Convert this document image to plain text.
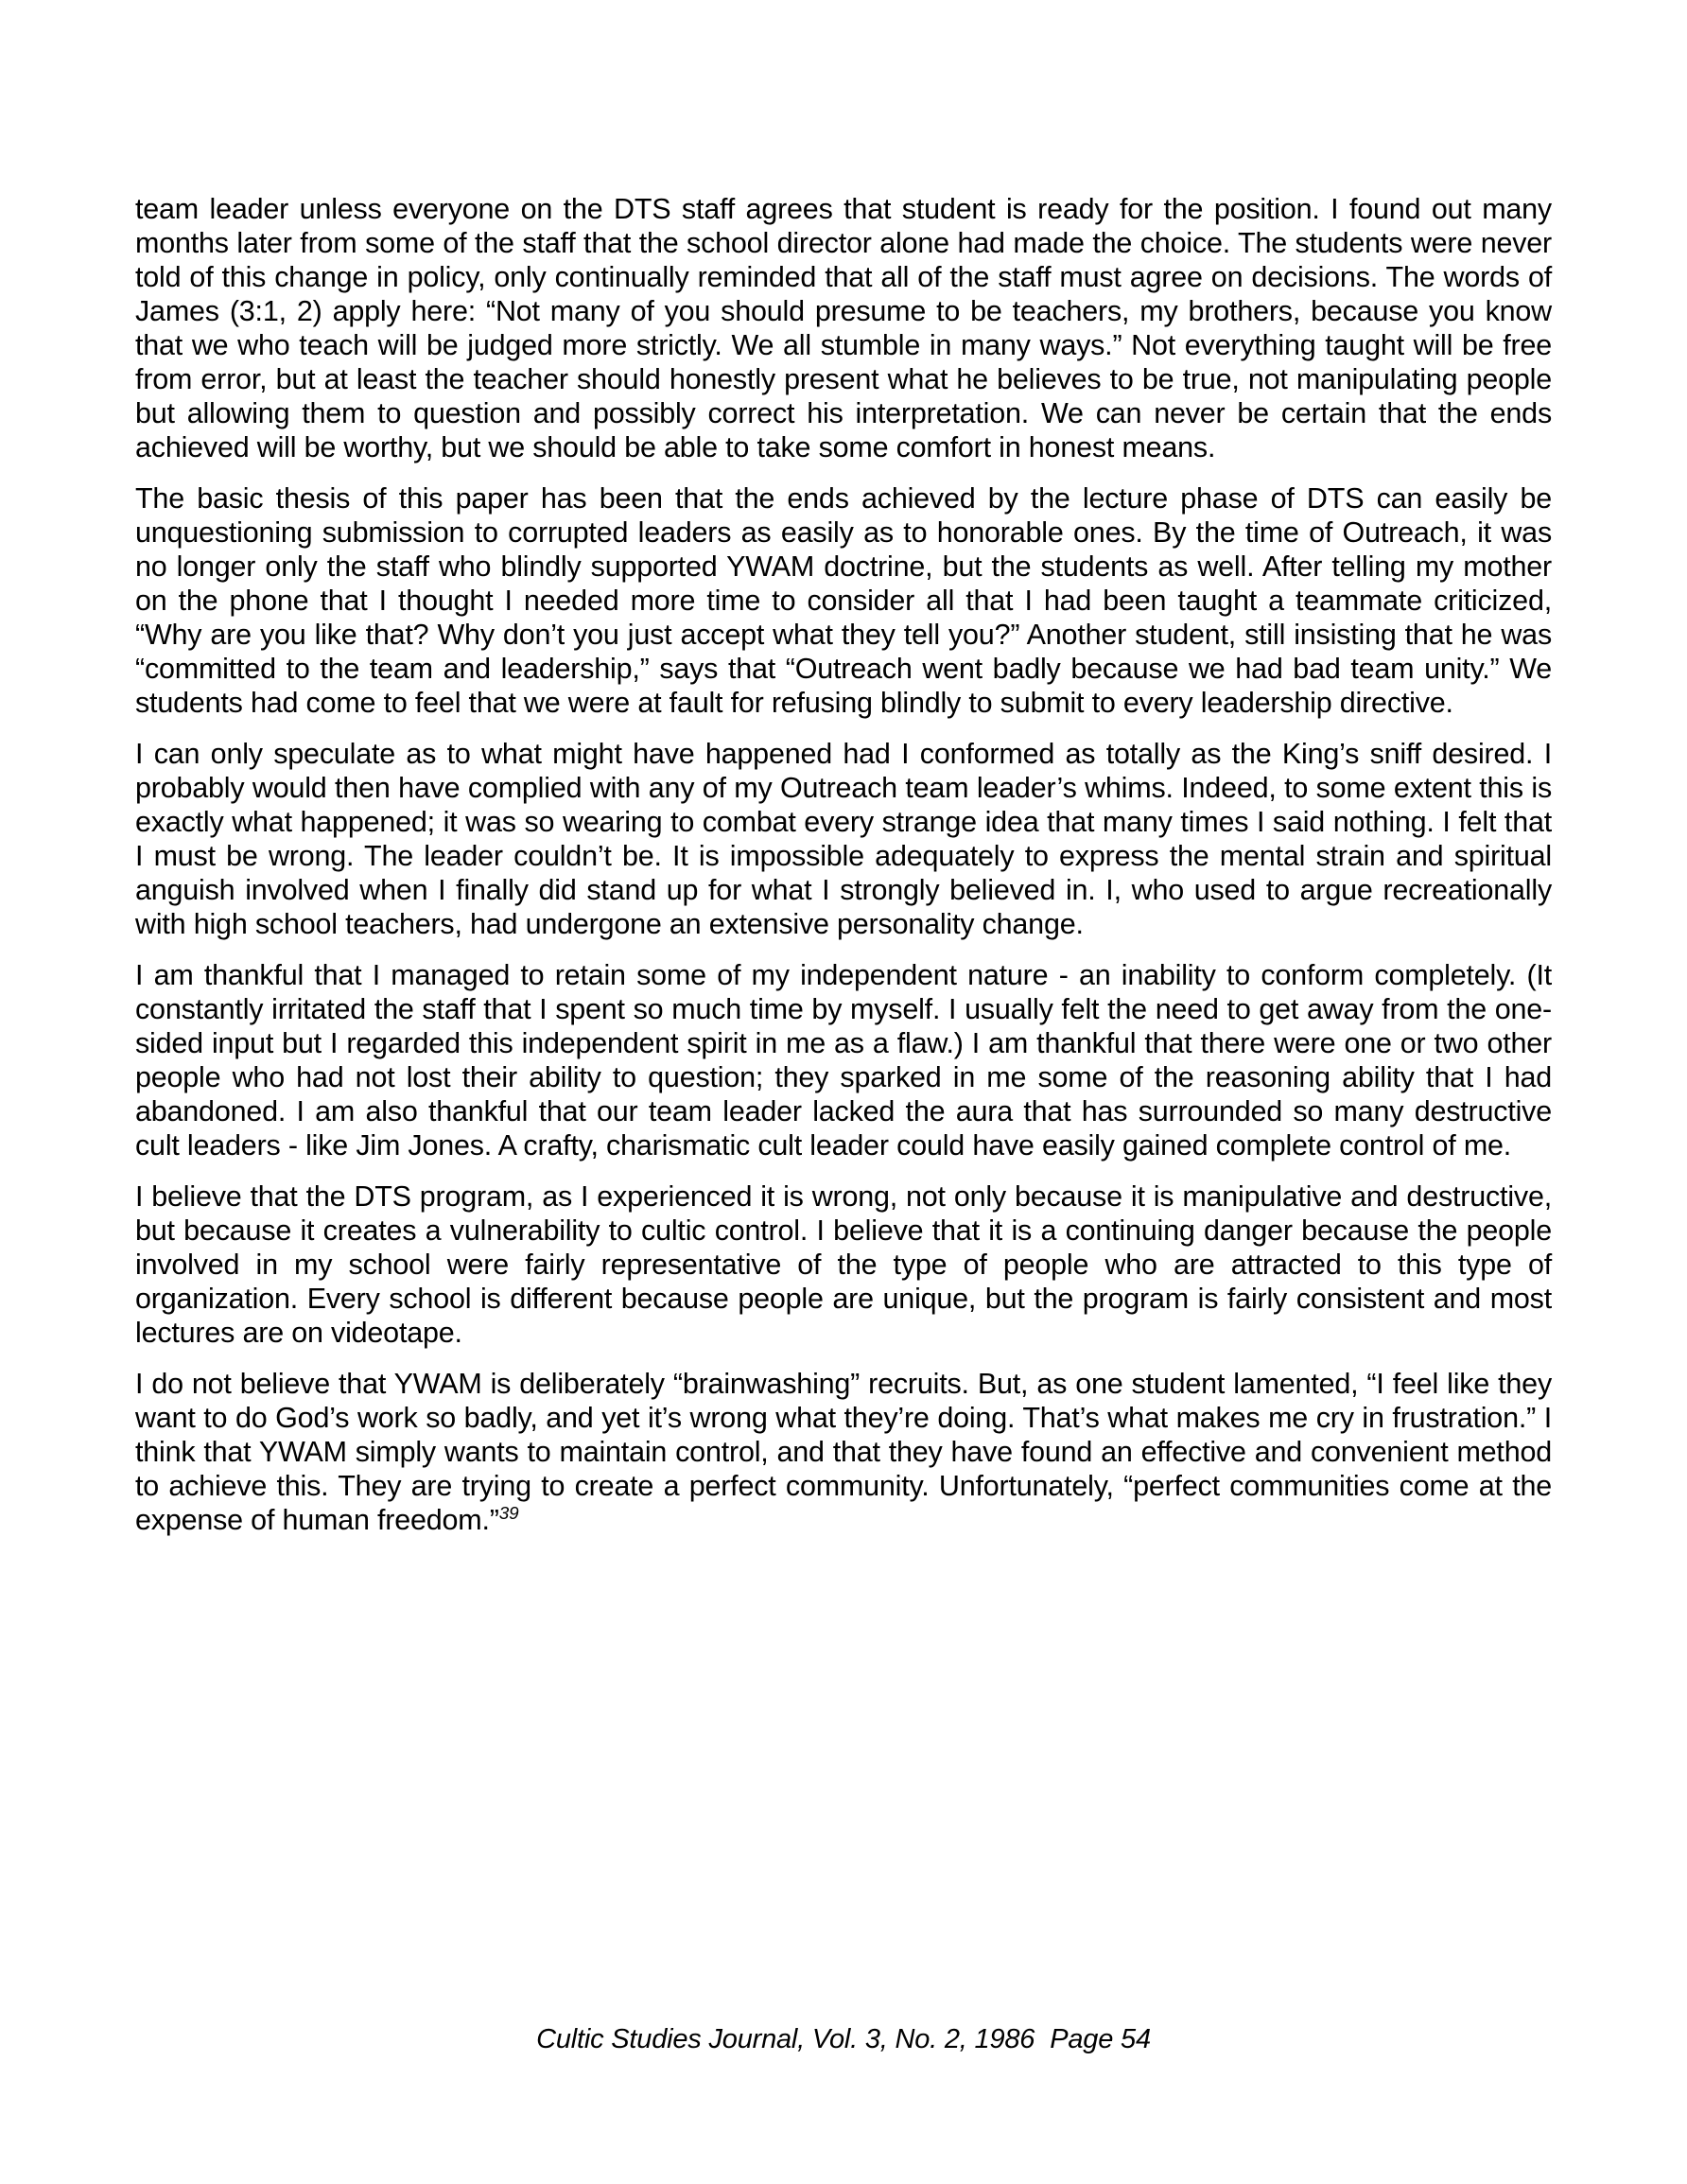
team leader unless everyone on the DTS staff agrees that student is ready for the position. I found out many months later from some of the staff that the school director alone had made the choice. The students were never told of this change in policy, only continually reminded that all of the staff must agree on decisions. The words of James (3:1, 2) apply here: “Not many of you should presume to be teachers, my brothers, because you know that we who teach will be judged more strictly. We all stumble in many ways.” Not everything taught will be free from error, but at least the teacher should honestly present what he believes to be true, not manipulating people but allowing them to question and possibly correct his interpretation. We can never be certain that the ends achieved will be worthy, but we should be able to take some comfort in honest means.

The basic thesis of this paper has been that the ends achieved by the lecture phase of DTS can easily be unquestioning submission to corrupted leaders as easily as to honorable ones. By the time of Outreach, it was no longer only the staff who blindly supported YWAM doctrine, but the students as well. After telling my mother on the phone that I thought I needed more time to consider all that I had been taught a teammate criticized, “Why are you like that? Why don’t you just accept what they tell you?” Another student, still insisting that he was “committed to the team and leadership,” says that “Outreach went badly because we had bad team unity.” We students had come to feel that we were at fault for refusing blindly to submit to every leadership directive.

I can only speculate as to what might have happened had I conformed as totally as the King’s sniff desired. I probably would then have complied with any of my Outreach team leader’s whims. Indeed, to some extent this is exactly what happened; it was so wearing to combat every strange idea that many times I said nothing. I felt that I must be wrong. The leader couldn’t be. It is impossible adequately to express the mental strain and spiritual anguish involved when I finally did stand up for what I strongly believed in. I, who used to argue recreationally with high school teachers, had undergone an extensive personality change.

I am thankful that I managed to retain some of my independent nature - an inability to conform completely. (It constantly irritated the staff that I spent so much time by myself. I usually felt the need to get away from the one-sided input but I regarded this independent spirit in me as a flaw.) I am thankful that there were one or two other people who had not lost their ability to question; they sparked in me some of the reasoning ability that I had abandoned. I am also thankful that our team leader lacked the aura that has surrounded so many destructive cult leaders - like Jim Jones. A crafty, charismatic cult leader could have easily gained complete control of me.

I believe that the DTS program, as I experienced it is wrong, not only because it is manipulative and destructive, but because it creates a vulnerability to cultic control. I believe that it is a continuing danger because the people involved in my school were fairly representative of the type of people who are attracted to this type of organization. Every school is different because people are unique, but the program is fairly consistent and most lectures are on videotape.

I do not believe that YWAM is deliberately “brainwashing” recruits. But, as one student lamented, “I feel like they want to do God’s work so badly, and yet it’s wrong what they’re doing. That’s what makes me cry in frustration.” I think that YWAM simply wants to maintain control, and that they have found an effective and convenient method to achieve this. They are trying to create a perfect community. Unfortunately, “perfect communities come at the expense of human freedom.”$^{39}$

Cultic Studies Journal, Vol. 3, No. 2, 1986 Page 54
